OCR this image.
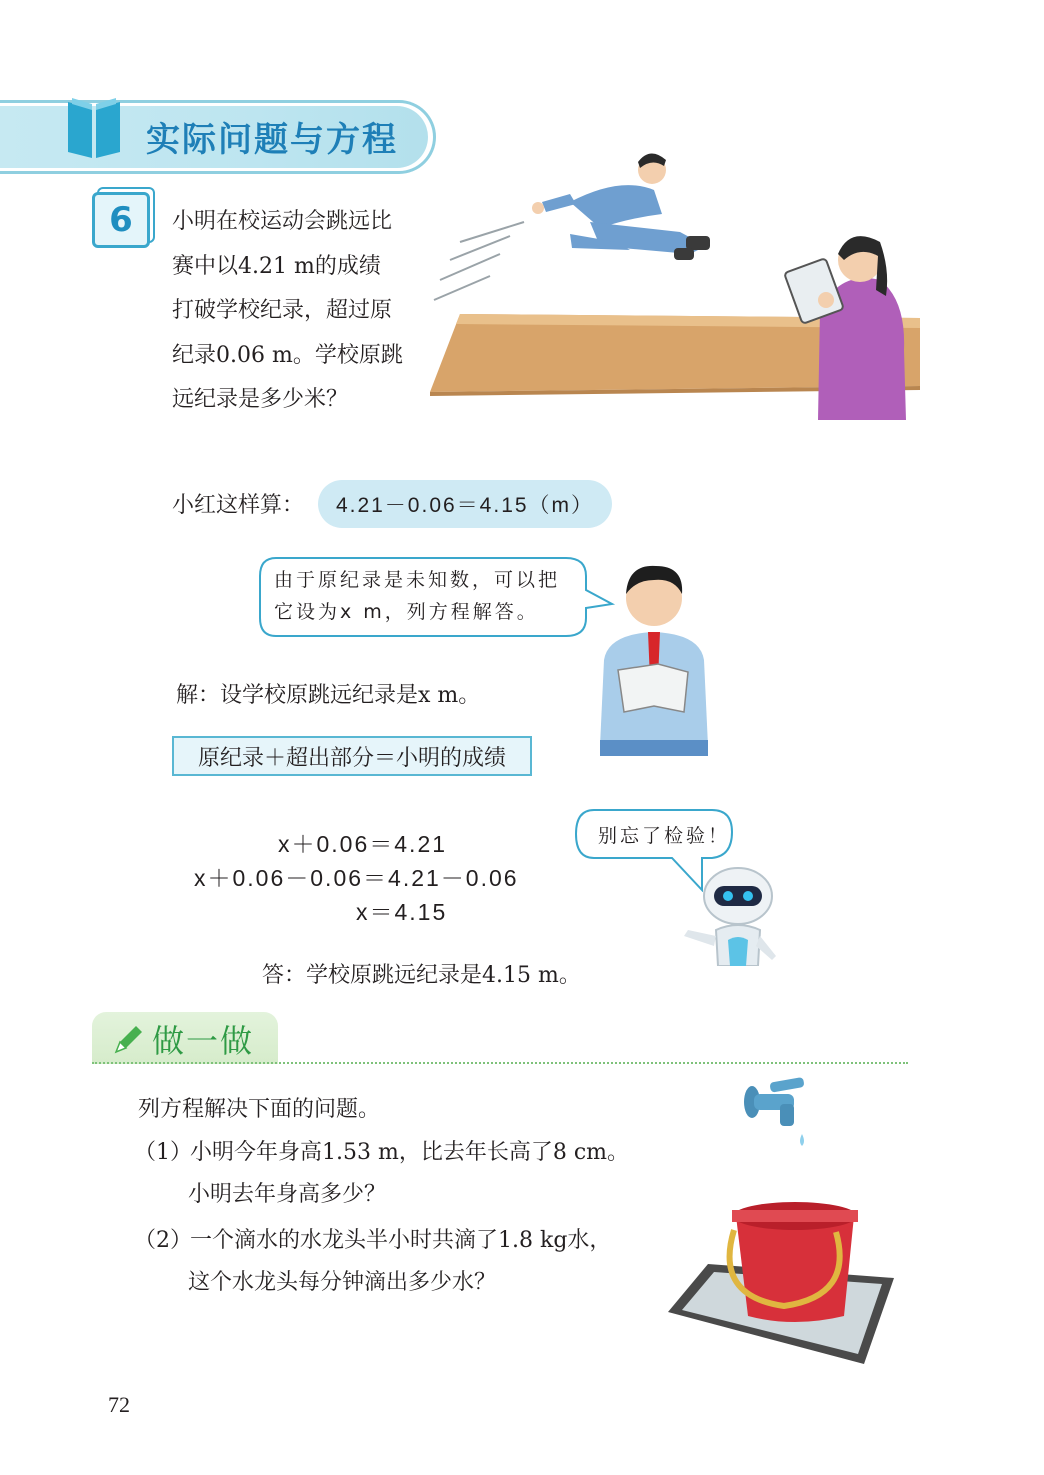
实际问题与方程
6	小明在校运动会跳远比
赛中以4.21 m的成绩
打破学校纪录，超过原
纪录0.06 m。学校原跳
远纪录是多少米？
小红这样算：	4.21－0.06＝4.15（m）
由于原纪录是未知数，可以把
它设为x m，列方程解答。
解：设学校原跳远纪录是x m。
原纪录＋超出部分＝小明的成绩
x＋0.06＝4.21
x＋0.06－0.06＝4.21－0.06
x＝4.15
别忘了检验！
答：学校原跳远纪录是4.15 m。
做一做
列方程解决下面的问题。
（1）小明今年身高1.53 m，比去年长高了8 cm。
小明去年身高多少？
（2）一个滴水的水龙头半小时共滴了1.8 kg水，
这个水龙头每分钟滴出多少水？
72
